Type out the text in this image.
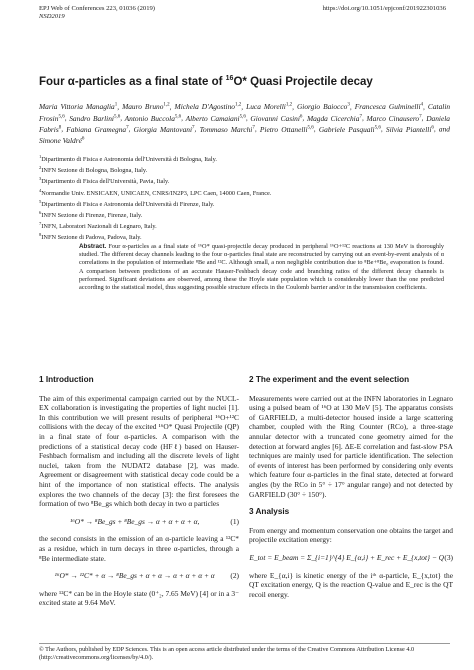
EPJ Web of Conferences 223, 01036 (2019)
NSD2019
https://doi.org/10.1051/epjconf/201922301036
Four α-particles as a final state of $^{16}$O* Quasi Projectile decay
Maria Vittoria Managlia$^1$, Mauro Bruno$^{1,2}$, Michela D'Agostino$^{1,2}$, Luca Morelli$^{1,2}$, Giorgio Baiocco$^3$, Francesca Gulminelli$^4$, Catalin Frosin$^{5,6}$, Sandro Barlini$^{5,6}$, Antonio Buccola$^{5,6}$, Alberto Camaiani$^{5,6}$, Giovanni Casini$^6$, Magda Cicerchia$^7$, Marco Cinausero$^7$, Daniela Fabris$^8$, Fabiana Gramegna$^7$, Giorgia Mantovani$^7$, Tommaso Marchi$^7$, Pietro Ottanelli$^{5,6}$, Gabriele Pasquali$^{5,6}$, Silvia Piantelli$^6$, and Simone Valdré$^6$
$^1$Dipartimento di Fisica e Astronomia dell'Università di Bologna, Italy.
$^2$INFN Sezione di Bologna, Bologna, Italy.
$^3$Dipartimento di Fisica dell'Università, Pavia, Italy.
$^4$Normandie Univ. ENSICAEN, UNICAEN, CNRS/IN2P3, LPC Caen, 14000 Caen, France.
$^5$Dipartimento di Fisica e Astronomia dell'Università di Firenze, Italy.
$^6$INFN Sezione di Firenze, Firenze, Italy.
$^7$INFN, Laboratori Nazionali di Legnaro, Italy.
$^8$INFN Sezione di Padova, Padova, Italy.
Abstract. Four α-particles as a final state of ¹⁶O* quasi-projectile decay produced in peripheral ¹⁶O+¹²C reactions at 130 MeV is thoroughly studied. The different decay channels leading to the four α-particles final state are reconstructed by carrying out an event-by-event analysis of α correlations in the population of intermediate ⁸Be and ¹²C. Although small, a non negligible contribution due to ⁸Be+⁸Be₀ evaporation is found. A comparison between predictions of an accurate Hauser-Feshbach decay code and branching ratios of the different decay channels is performed. Significant deviations are observed, among these the Hoyle state population which is considerably lower than the one predicted according to the statistical model, thus suggesting possible structure effects in the Coulomb barrier and/or in the transmission coefficients.
1 Introduction

The aim of this experimental campaign carried out by the NUCL-EX collaboration is investigating the properties of light nuclei [1]. In this contribution we will present results of peripheral ¹⁶O+¹²C collisions with the decay of the excited ¹⁶O* Quasi Projectile (QP) in a final state of four α-particles. A comparison with the predictions of a statistical decay code (HFℓ) based on Hauser-Feshbach formalism and including all the discrete levels of light nuclei, taken from the NUDAT2 database [2], was made. Agreement or disagreement with statistical decay code could be a hint of the importance of non statistical effects. The analysis explores the two channels of the decay [3]: the first foresees the formation of two ⁸Be_gs which both decay in two α particles

¹⁶O* → ⁸Be_gs + ⁸Be_gs → α + α + α + α,	(1)

the second consists in the emission of an α-particle leaving a ¹²C* as a residue, which in turn decays in three α-particles, through a ⁸Be intermediate state.

¹⁶O* → ¹²C* + α → ⁸Be_gs + α + α → α + α + α + α	(2)

where ¹²C* can be in the Hoyle state (0⁺₂, 7.65 MeV) [4] or in a 3⁻ excited state at 9.64 MeV.

2 The experiment and the event selection

Measurements were carried out at the INFN laboratories in Legnaro using a pulsed beam of ¹⁶O at 130 MeV [5]. The apparatus consists of GARFIELD, a multi-detector housed inside a large scattering chamber, coupled with the Ring Counter (RCo), a three-stage annular detector with a truncated cone geometry aimed for the detection at forward angles [6]. ΔE-E correlation and fast-slow PSA techniques are mainly used for particle identification. The selection of events of interest has been performed by considering only events which feature four α-particles in the final state, detected at forward angles (by the RCo in 5° ÷ 17° angular range) and not detected by GARFIELD (30° ÷ 150°).

3 Analysis

From energy and momentum conservation one obtains the target and projectile excitation energy:

E_tot = E_beam = Σ_{i=1}^{4} E_{α,i} + E_rec + E_{x,tot} − Q (3)

where E_{α,i} is kinetic energy of the iᵗʰ α-particle, E_{x,tot} the QT excitation energy, Q is the reaction Q-value and E_rec is the QT recoil energy.

© The Authors, published by EDP Sciences. This is an open access article distributed under the terms of the Creative Commons Attribution License 4.0 (http://creativecommons.org/licenses/by/4.0/).
